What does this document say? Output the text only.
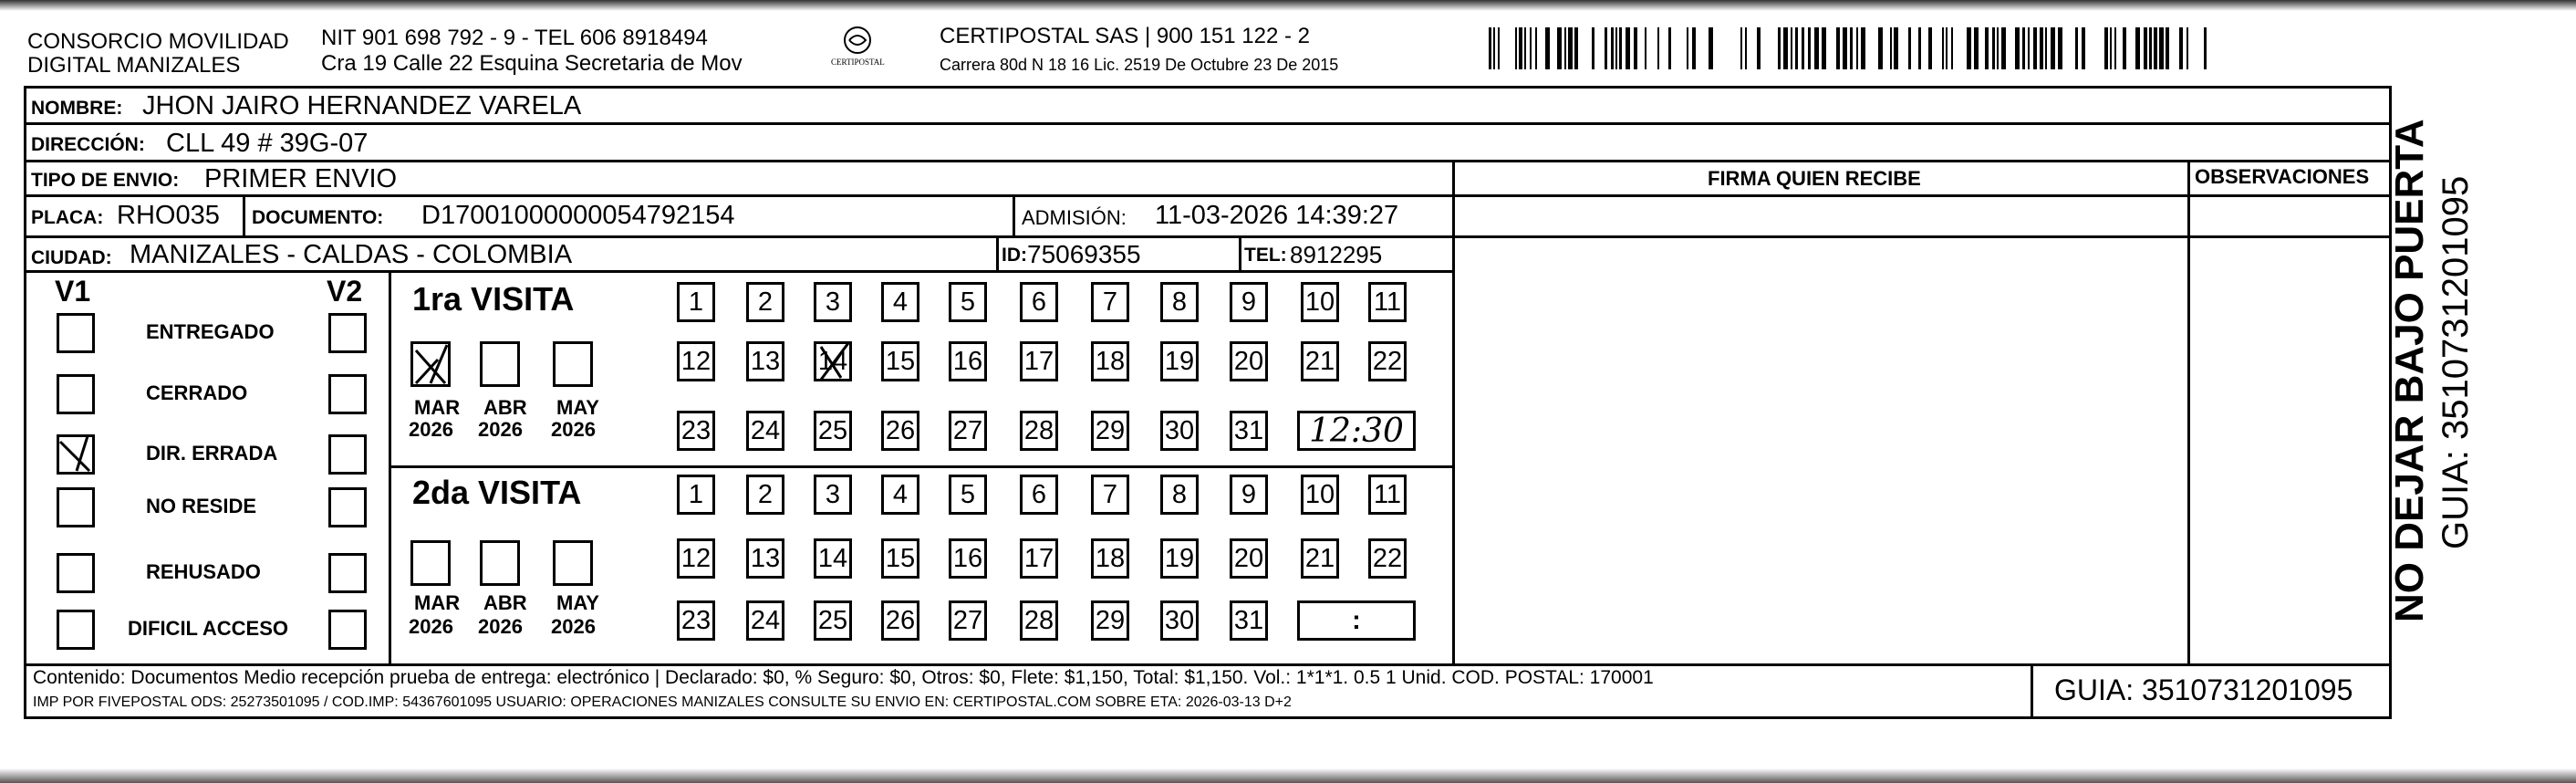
CONSORCIO MOVILIDAD
DIGITAL MANIZALES
NIT 901 698 792 - 9 - TEL 606 8918494
Cra 19 Calle 22 Esquina Secretaria de Mov	CERTIPOSTAL
CERTIPOSTAL SAS | 900 151 122 - 2
Carrera 80d N 18 16 Lic. 2519 De Octubre 23 De 2015
NOMBRE: JHON JAIRO HERNANDEZ VARELA
DIRECCIÓN: CLL 49 # 39G-07
TIPO DE ENVIO: PRIMER ENVIO	FIRMA QUIEN RECIBE	OBSERVACIONES
PLACA: RHO035 DOCUMENTO: D17001000000054792154	ADMISIÓN: 11-03-2026 14:39:27
CIUDAD: MANIZALES - CALDAS - COLOMBIA	ID: 75069355	TEL: 8912295
V1	V2
ENTREGADO
CERRADO
DIR. ERRADA
NO RESIDE
REHUSADO
DIFICIL ACCESO
1ra VISITA
2da VISITA
MAR
2026
ABR
2026
MAY
2026
MAR
2026
ABR
2026
MAY
2026
1 2 3 4 5 6 7 8 9 10 11
12 13 14 15 16 17 18 19 20 21 22
23 24 25 26 27 28 29 30 31 12:30
1 2 3 4 5 6 7 8 9 10 11
12 13 14 15 16 17 18 19 20 21 22
23 24 25 26 27 28 29 30 31	:
Contenido: Documentos Medio recepción prueba de entrega: electrónico | Declarado: $0, % Seguro: $0, Otros: $0, Flete: $1,150, Total: $1,150. Vol.: 1*1*1. 0.5 1 Unid. COD. POSTAL: 170001
IMP POR FIVEPOSTAL ODS: 25273501095 / COD.IMP: 54367601095 USUARIO: OPERACIONES MANIZALES CONSULTE SU ENVIO EN: CERTIPOSTAL.COM SOBRE ETA: 2026-03-13 D+2	GUIA: 3510731201095
NO DEJAR BAJO PUERTA GUIA: 3510731201095
